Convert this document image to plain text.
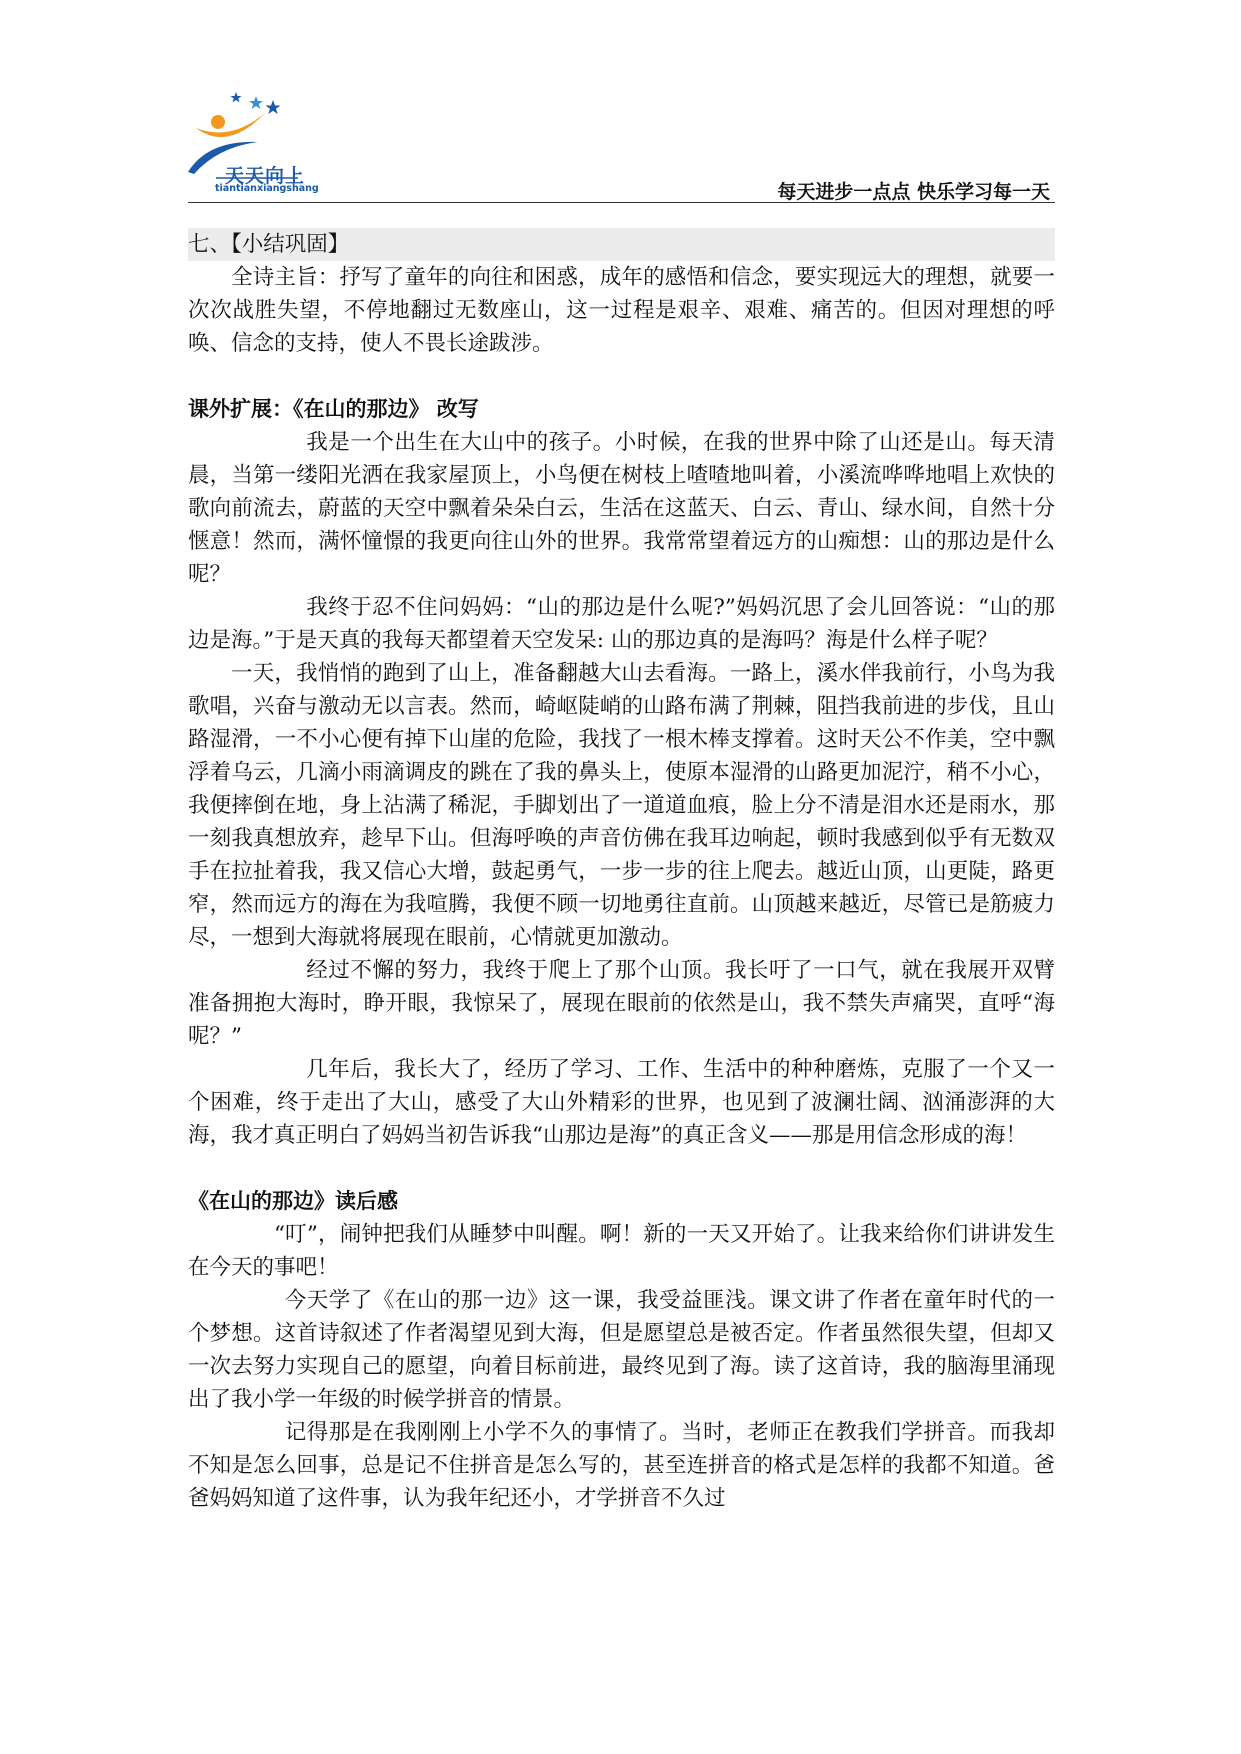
天天向上
tiantianxiangshang	每天进步一点点 快乐学习每一天

七、【小结巩固】

全诗主旨：抒写了童年的向往和困惑，成年的感悟和信念，要实现远大的理想，就要一次次战胜失望，不停地翻过无数座山，这一过程是艰辛、艰难、痛苦的。但因对理想的呼唤、信念的支持，使人不畏长途跋涉。

课外扩展：《在山的那边》 改写

我是一个出生在大山中的孩子。小时候，在我的世界中除了山还是山。每天清晨，当第一缕阳光洒在我家屋顶上，小鸟便在树枝上喳喳地叫着，小溪流哗哗地唱上欢快的歌向前流去，蔚蓝的天空中飘着朵朵白云，生活在这蓝天、白云、青山、绿水间，自然十分惬意！然而，满怀憧憬的我更向往山外的世界。我常常望着远方的山痴想：山的那边是什么呢？

我终于忍不住问妈妈：“山的那边是什么呢?”妈妈沉思了会儿回答说：“山的那边是海。”于是天真的我每天都望着天空发呆: 山的那边真的是海吗？海是什么样子呢？

一天，我悄悄的跑到了山上，准备翻越大山去看海。一路上，溪水伴我前行，小鸟为我歌唱，兴奋与激动无以言表。然而，崎岖陡峭的山路布满了荆棘，阻挡我前进的步伐，且山路湿滑，一不小心便有掉下山崖的危险，我找了一根木棒支撑着。这时天公不作美，空中飘浮着乌云，几滴小雨滴调皮的跳在了我的鼻头上，使原本湿滑的山路更加泥泞，稍不小心，我便摔倒在地，身上沾满了稀泥，手脚划出了一道道血痕，脸上分不清是泪水还是雨水，那一刻我真想放弃，趁早下山。但海呼唤的声音仿佛在我耳边响起，顿时我感到似乎有无数双手在拉扯着我，我又信心大增，鼓起勇气，一步一步的往上爬去。越近山顶，山更陡，路更窄，然而远方的海在为我喧腾，我便不顾一切地勇往直前。山顶越来越近，尽管已是筋疲力尽，一想到大海就将展现在眼前，心情就更加激动。

经过不懈的努力，我终于爬上了那个山顶。我长吁了一口气，就在我展开双臂准备拥抱大海时，睁开眼，我惊呆了，展现在眼前的依然是山，我不禁失声痛哭，直呼“海呢？”

几年后，我长大了，经历了学习、工作、生活中的种种磨炼，克服了一个又一个困难，终于走出了大山，感受了大山外精彩的世界，也见到了波澜壮阔、汹涌澎湃的大海，我才真正明白了妈妈当初告诉我“山那边是海”的真正含义——那是用信念形成的海！

《在山的那边》读后感

“叮”，闹钟把我们从睡梦中叫醒。啊！新的一天又开始了。让我来给你们讲讲发生在今天的事吧！

今天学了《在山的那一边》这一课，我受益匪浅。课文讲了作者在童年时代的一个梦想。这首诗叙述了作者渴望见到大海，但是愿望总是被否定。作者虽然很失望，但却又一次去努力实现自己的愿望，向着目标前进，最终见到了海。读了这首诗，我的脑海里涌现出了我小学一年级的时候学拼音的情景。

记得那是在我刚刚上小学不久的事情了。当时，老师正在教我们学拼音。而我却不知是怎么回事，总是记不住拼音是怎么写的，甚至连拼音的格式是怎样的我都不知道。爸爸妈妈知道了这件事，认为我年纪还小，才学拼音不久过
